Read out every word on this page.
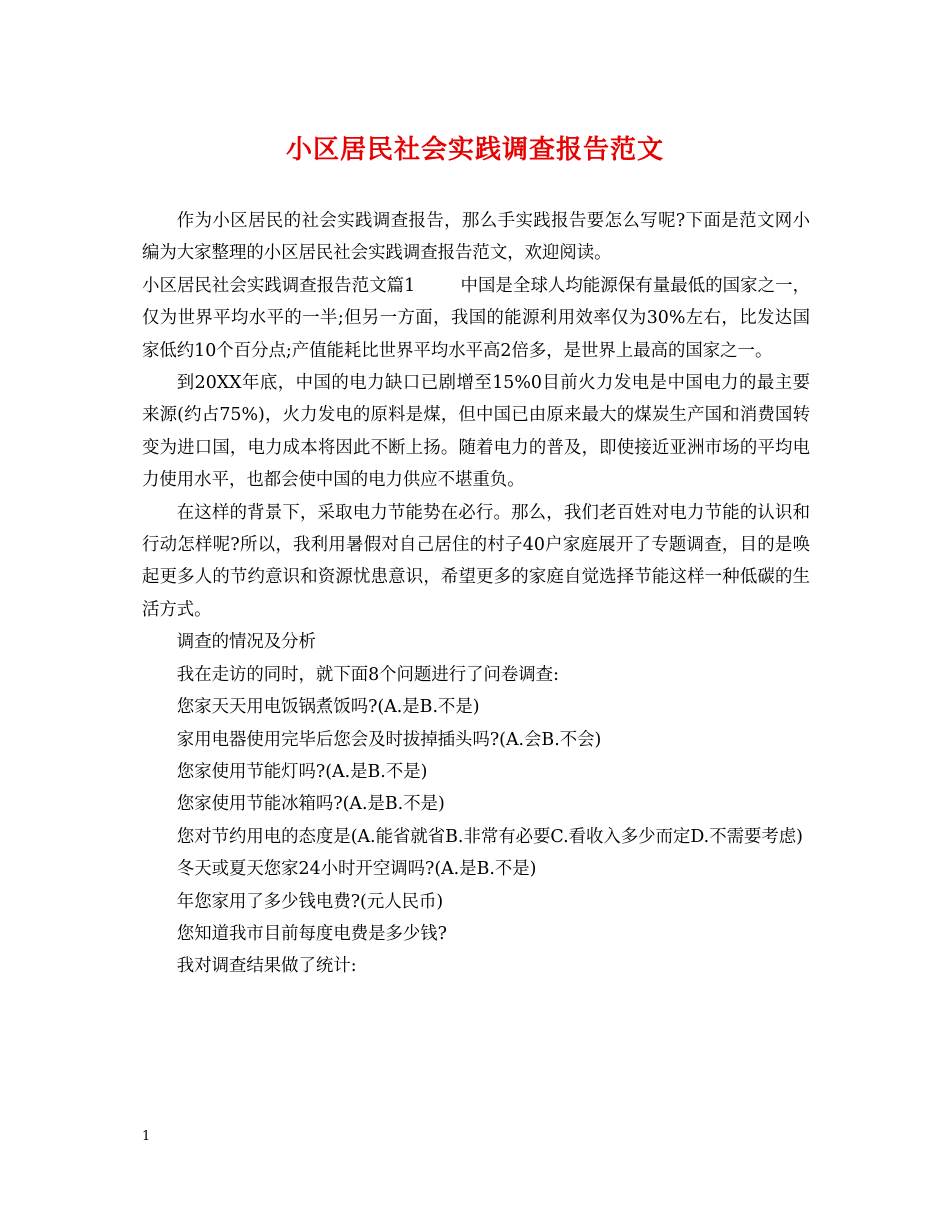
小区居民社会实践调查报告范文

作为小区居民的社会实践调查报告，那么手实践报告要怎么写呢?下面是范文网小编为大家整理的小区居民社会实践调查报告范文，欢迎阅读。

小区居民社会实践调查报告范文篇1	中国是全球人均能源保有量最低的国家之一，仅为世界平均水平的一半;但另一方面，我国的能源利用效率仅为30%左右，比发达国家低约10个百分点;产值能耗比世界平均水平高2倍多，是世界上最高的国家之一。

到20XX年底，中国的电力缺口已剧增至15%0目前火力发电是中国电力的最主要来源(约占75%)，火力发电的原料是煤，但中国已由原来最大的煤炭生产国和消费国转变为进口国，电力成本将因此不断上扬。随着电力的普及，即使接近亚洲市场的平均电力使用水平，也都会使中国的电力供应不堪重负。

在这样的背景下，采取电力节能势在必行。那么，我们老百姓对电力节能的认识和行动怎样呢?所以，我利用暑假对自己居住的村子40户家庭展开了专题调查，目的是唤起更多人的节约意识和资源忧患意识，希望更多的家庭自觉选择节能这样一种低碳的生活方式。

调查的情况及分析

我在走访的同时，就下面8个问题进行了问卷调查:

您家天天用电饭锅煮饭吗?(A.是B.不是)

家用电器使用完毕后您会及时拔掉插头吗?(A.会B.不会)

您家使用节能灯吗?(A.是B.不是)

您家使用节能冰箱吗?(A.是B.不是)

您对节约用电的态度是(A.能省就省B.非常有必要C.看收入多少而定D.不需要考虑)

冬天或夏天您家24小时开空调吗?(A.是B.不是)

年您家用了多少钱电费?(元人民币)

您知道我市目前每度电费是多少钱?

我对调查结果做了统计:

1
